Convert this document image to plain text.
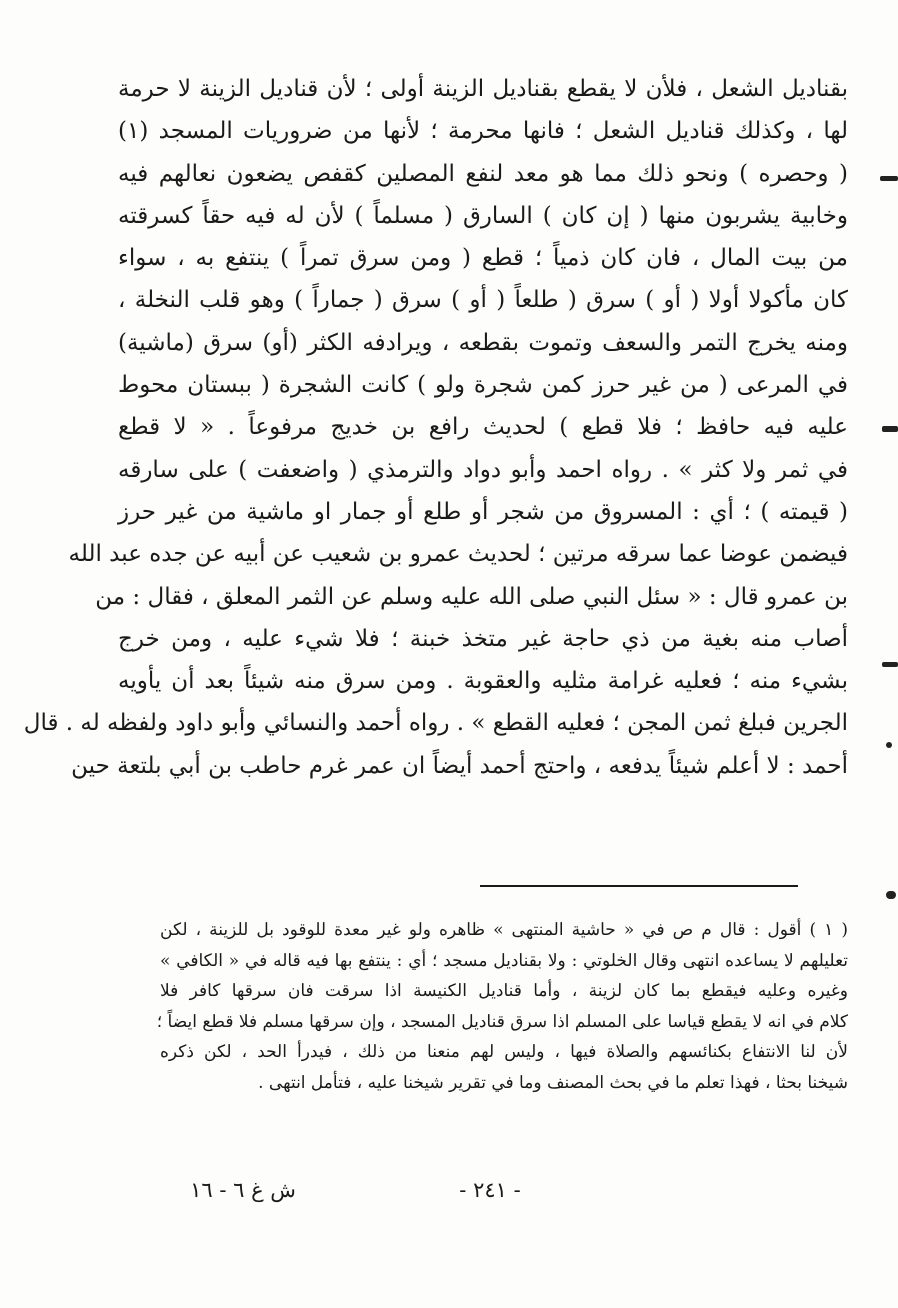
بقناديل الشعل ، فلأن لا يقطع بقناديل الزينة أولى ؛ لأن قناديل الزينة لا حرمة
لها ، وكذلك قناديل الشعل ؛ فانها محرمة ؛ لأنها من ضروريات المسجد (١)
( وحصره ) ونحو ذلك مما هو معد لنفع المصلين كقفص يضعون نعالهم فيه
وخابية يشربون منها ( إن كان ) السارق ( مسلماً ) لأن له فيه حقاً كسرقته
من بيت المال ، فان كان ذمياً ؛ قطع ( ومن سرق تمراً ) ينتفع به ، سواء
كان مأكولا أولا ( أو ) سرق ( طلعاً ( أو ) سرق ( جماراً ) وهو قلب النخلة ،
ومنه يخرج التمر والسعف وتموت بقطعه ، ويرادفه الكثر (أو) سرق (ماشية)
في المرعى ( من غير حرز كمن شجرة ولو ) كانت الشجرة ( ببستان محوط
عليه فيه حافظ ؛ فلا قطع ) لحديث رافع بن خديج مرفوعاً . « لا قطع
في ثمر ولا كثر » . رواه احمد وأبو دواد والترمذي ( واضعفت ) على سارقه
( قيمته ) ؛ أي : المسروق من شجر أو طلع أو جمار او ماشية من غير حرز
فيضمن عوضا عما سرقه مرتين ؛ لحديث عمرو بن شعيب عن أبيه عن جده عبد الله
بن عمرو قال : « سئل النبي صلى الله عليه وسلم عن الثمر المعلق ، فقال : من
أصاب منه بغية من ذي حاجة غير متخذ خبنة ؛ فلا شيء عليه ، ومن خرج
بشيء منه ؛ فعليه غرامة مثليه والعقوبة . ومن سرق منه شيئاً بعد أن يأويه
الجرين فبلغ ثمن المجن ؛ فعليه القطع » . رواه أحمد والنسائي وأبو داود ولفظه له . قال
أحمد : لا أعلم شيئاً يدفعه ، واحتج أحمد أيضاً ان عمر غرم حاطب بن أبي بلتعة حين
( ١ ) أقول : قال م ص في « حاشية المنتهى » ظاهره ولو غير معدة للوقود بل للزينة ، لكن
تعليلهم لا يساعده انتهى وقال الخلوتي : ولا بقناديل مسجد ؛ أي : ينتفع بها فيه قاله في « الكافي »
وغيره وعليه فيقطع بما كان لزينة ، وأما قناديل الكنيسة اذا سرقت فان سرقها كافر فلا
كلام في انه لا يقطع قياسا على المسلم اذا سرق قناديل المسجد ، وإن سرقها مسلم فلا قطع ايضاً ؛
لأن لنا الانتفاع بكنائسهم والصلاة فيها ، وليس لهم منعنا من ذلك ، فيدرأ الحد ، لكن ذكره
شيخنا بحثا ، فهذا تعلم ما في بحث المصنف وما في تقرير شيخنا عليه ، فتأمل انتهى .
- ٢٤١ -
ش غ ٦ - ١٦
